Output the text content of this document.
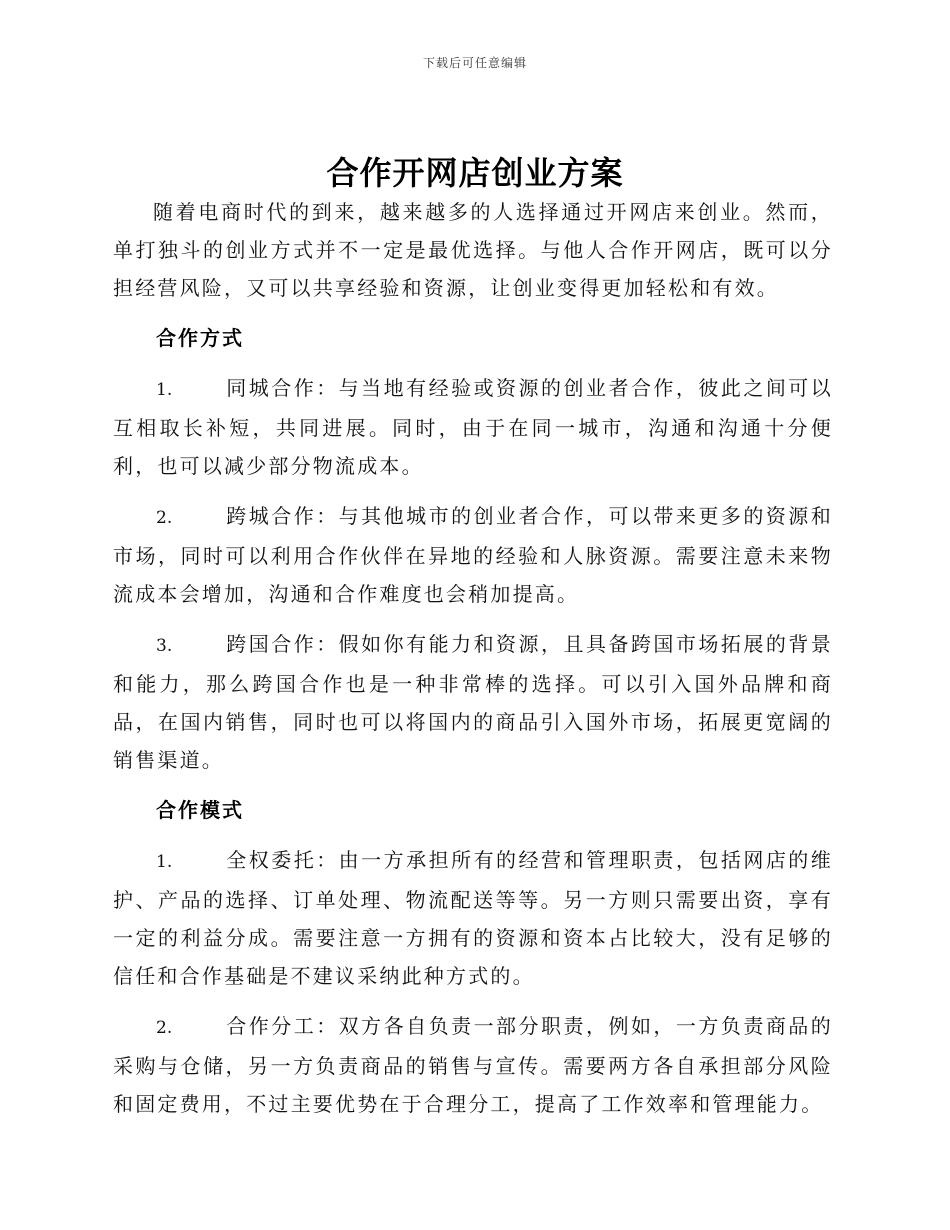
下载后可任意编辑
合作开网店创业方案

随着电商时代的到来，越来越多的人选择通过开网店来创业。然而，单打独斗的创业方式并不一定是最优选择。与他人合作开网店，既可以分担经营风险，又可以共享经验和资源，让创业变得更加轻松和有效。

合作方式

1.	同城合作：与当地有经验或资源的创业者合作，彼此之间可以互相取长补短，共同进展。同时，由于在同一城市，沟通和沟通十分便利，也可以减少部分物流成本。

2.	跨城合作：与其他城市的创业者合作，可以带来更多的资源和市场，同时可以利用合作伙伴在异地的经验和人脉资源。需要注意未来物流成本会增加，沟通和合作难度也会稍加提高。

3.	跨国合作：假如你有能力和资源，且具备跨国市场拓展的背景和能力，那么跨国合作也是一种非常棒的选择。可以引入国外品牌和商品，在国内销售，同时也可以将国内的商品引入国外市场，拓展更宽阔的销售渠道。

合作模式

1.	全权委托：由一方承担所有的经营和管理职责，包括网店的维护、产品的选择、订单处理、物流配送等等。另一方则只需要出资，享有一定的利益分成。需要注意一方拥有的资源和资本占比较大，没有足够的信任和合作基础是不建议采纳此种方式的。

2.	合作分工：双方各自负责一部分职责，例如，一方负责商品的采购与仓储，另一方负责商品的销售与宣传。需要两方各自承担部分风险和固定费用，不过主要优势在于合理分工，提高了工作效率和管理能力。
